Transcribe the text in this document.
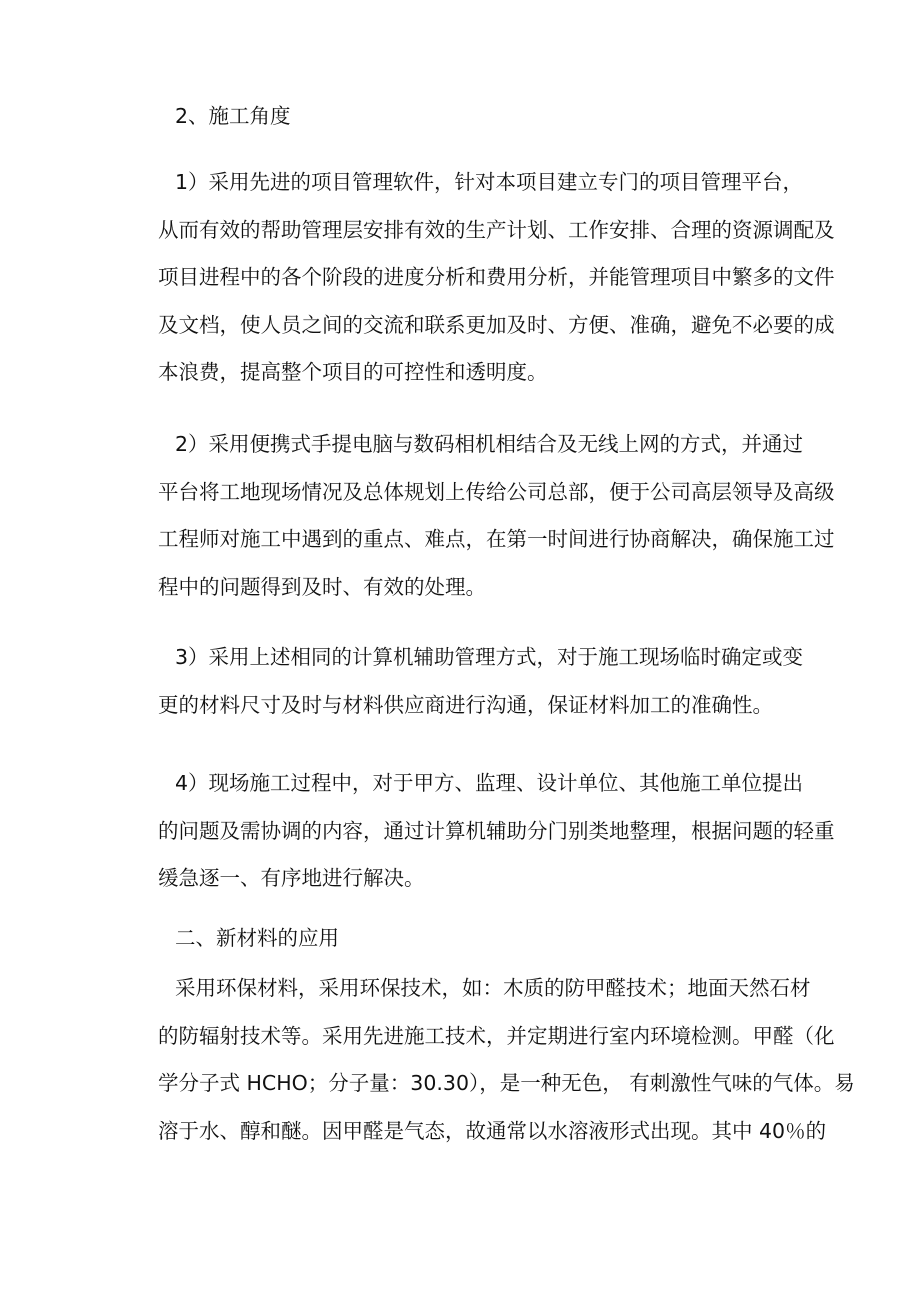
2、施工角度

1）采用先进的项目管理软件，针对本项目建立专门的项目管理平台，
从而有效的帮助管理层安排有效的生产计划、工作安排、合理的资源调配及
项目进程中的各个阶段的进度分析和费用分析，并能管理项目中繁多的文件
及文档，使人员之间的交流和联系更加及时、方便、准确，避免不必要的成
本浪费，提高整个项目的可控性和透明度。
2）采用便携式手提电脑与数码相机相结合及无线上网的方式，并通过
平台将工地现场情况及总体规划上传给公司总部，便于公司高层领导及高级
工程师对施工中遇到的重点、难点，在第一时间进行协商解决，确保施工过
程中的问题得到及时、有效的处理。
3）采用上述相同的计算机辅助管理方式，对于施工现场临时确定或变
更的材料尺寸及时与材料供应商进行沟通，保证材料加工的准确性。
4）现场施工过程中，对于甲方、监理、设计单位、其他施工单位提出
的问题及需协调的内容，通过计算机辅助分门别类地整理，根据问题的轻重
缓急逐一、有序地进行解决。

二、新材料的应用

采用环保材料，采用环保技术，如：木质的防甲醛技术；地面天然石材
的防辐射技术等。采用先进施工技术，并定期进行室内环境检测。甲醛（化
学分子式 HCHO；分子量：30.30），是一种无色， 有刺激性气味的气体。易
溶于水、醇和醚。因甲醛是气态，故通常以水溶液形式出现。其中 40％的
